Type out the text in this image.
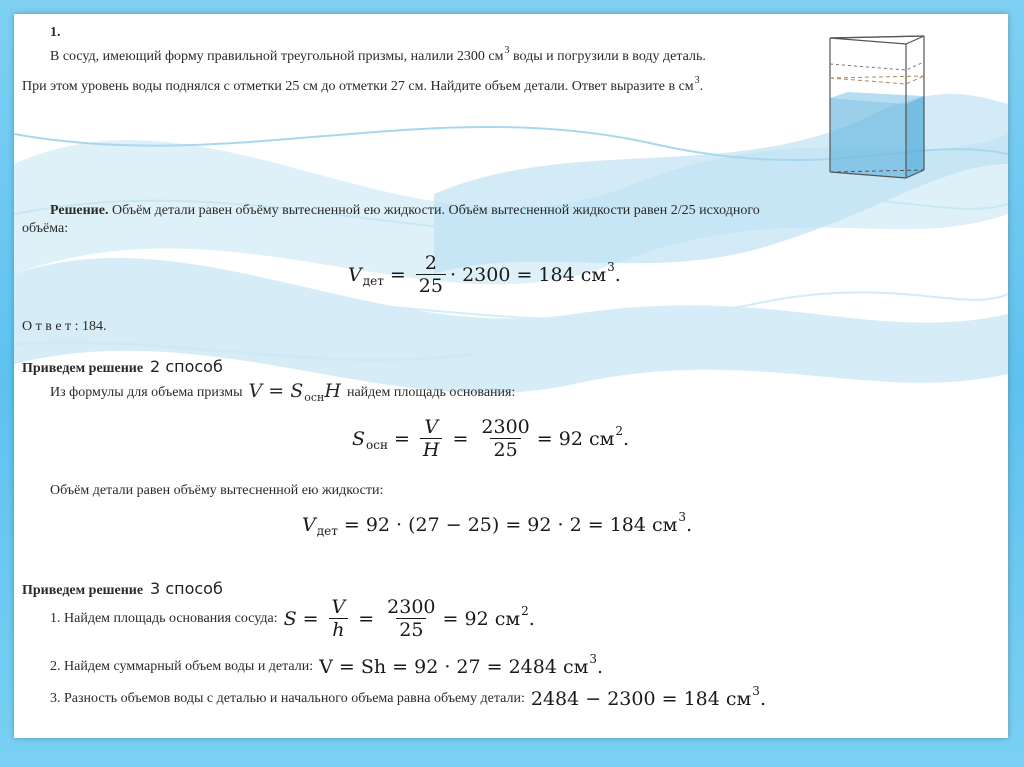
1.
В сосуд, имеющий форму правильной треугольной призмы, налили 2300 $см^3$ воды и погрузили в воду деталь.
При этом уровень воды поднялся с отметки 25 см до отметки 27 см. Найдите объем детали. Ответ выразите в $см^3$.
Решение. Объём детали равен объёму вытесненной ею жидкости. Объём вытесненной жидкости равен 2/25 исходного
объёма:
V дет = $\frac{2}{25} \cdot 2300 = 184$ см 3 .
О т в е т : 184.
Приведем решение 2 способ
Из формулы для объема призмы $V = S_{осн}H$ найдем площадь основания:
S осн = $\frac{V}{H} = \frac{2300}{25} = 92$ см 2 .
Объём детали равен объёму вытесненной ею жидкости:
V дет = 92 · (27 − 25) = 92 · 2 = 184 см 3 .
Приведем решение 3 способ
1. Найдем площадь основания сосуда: $S = \frac{V}{h} = \frac{2300}{25} = 92$ см 2 .
2. Найдем суммарный объем воды и детали: V = Sh = 92 · 27 = 2484 см 3 .
3. Разность объемов воды с деталью и начального объема равна объему детали: 2484 − 2300 = 184 см 3 .
